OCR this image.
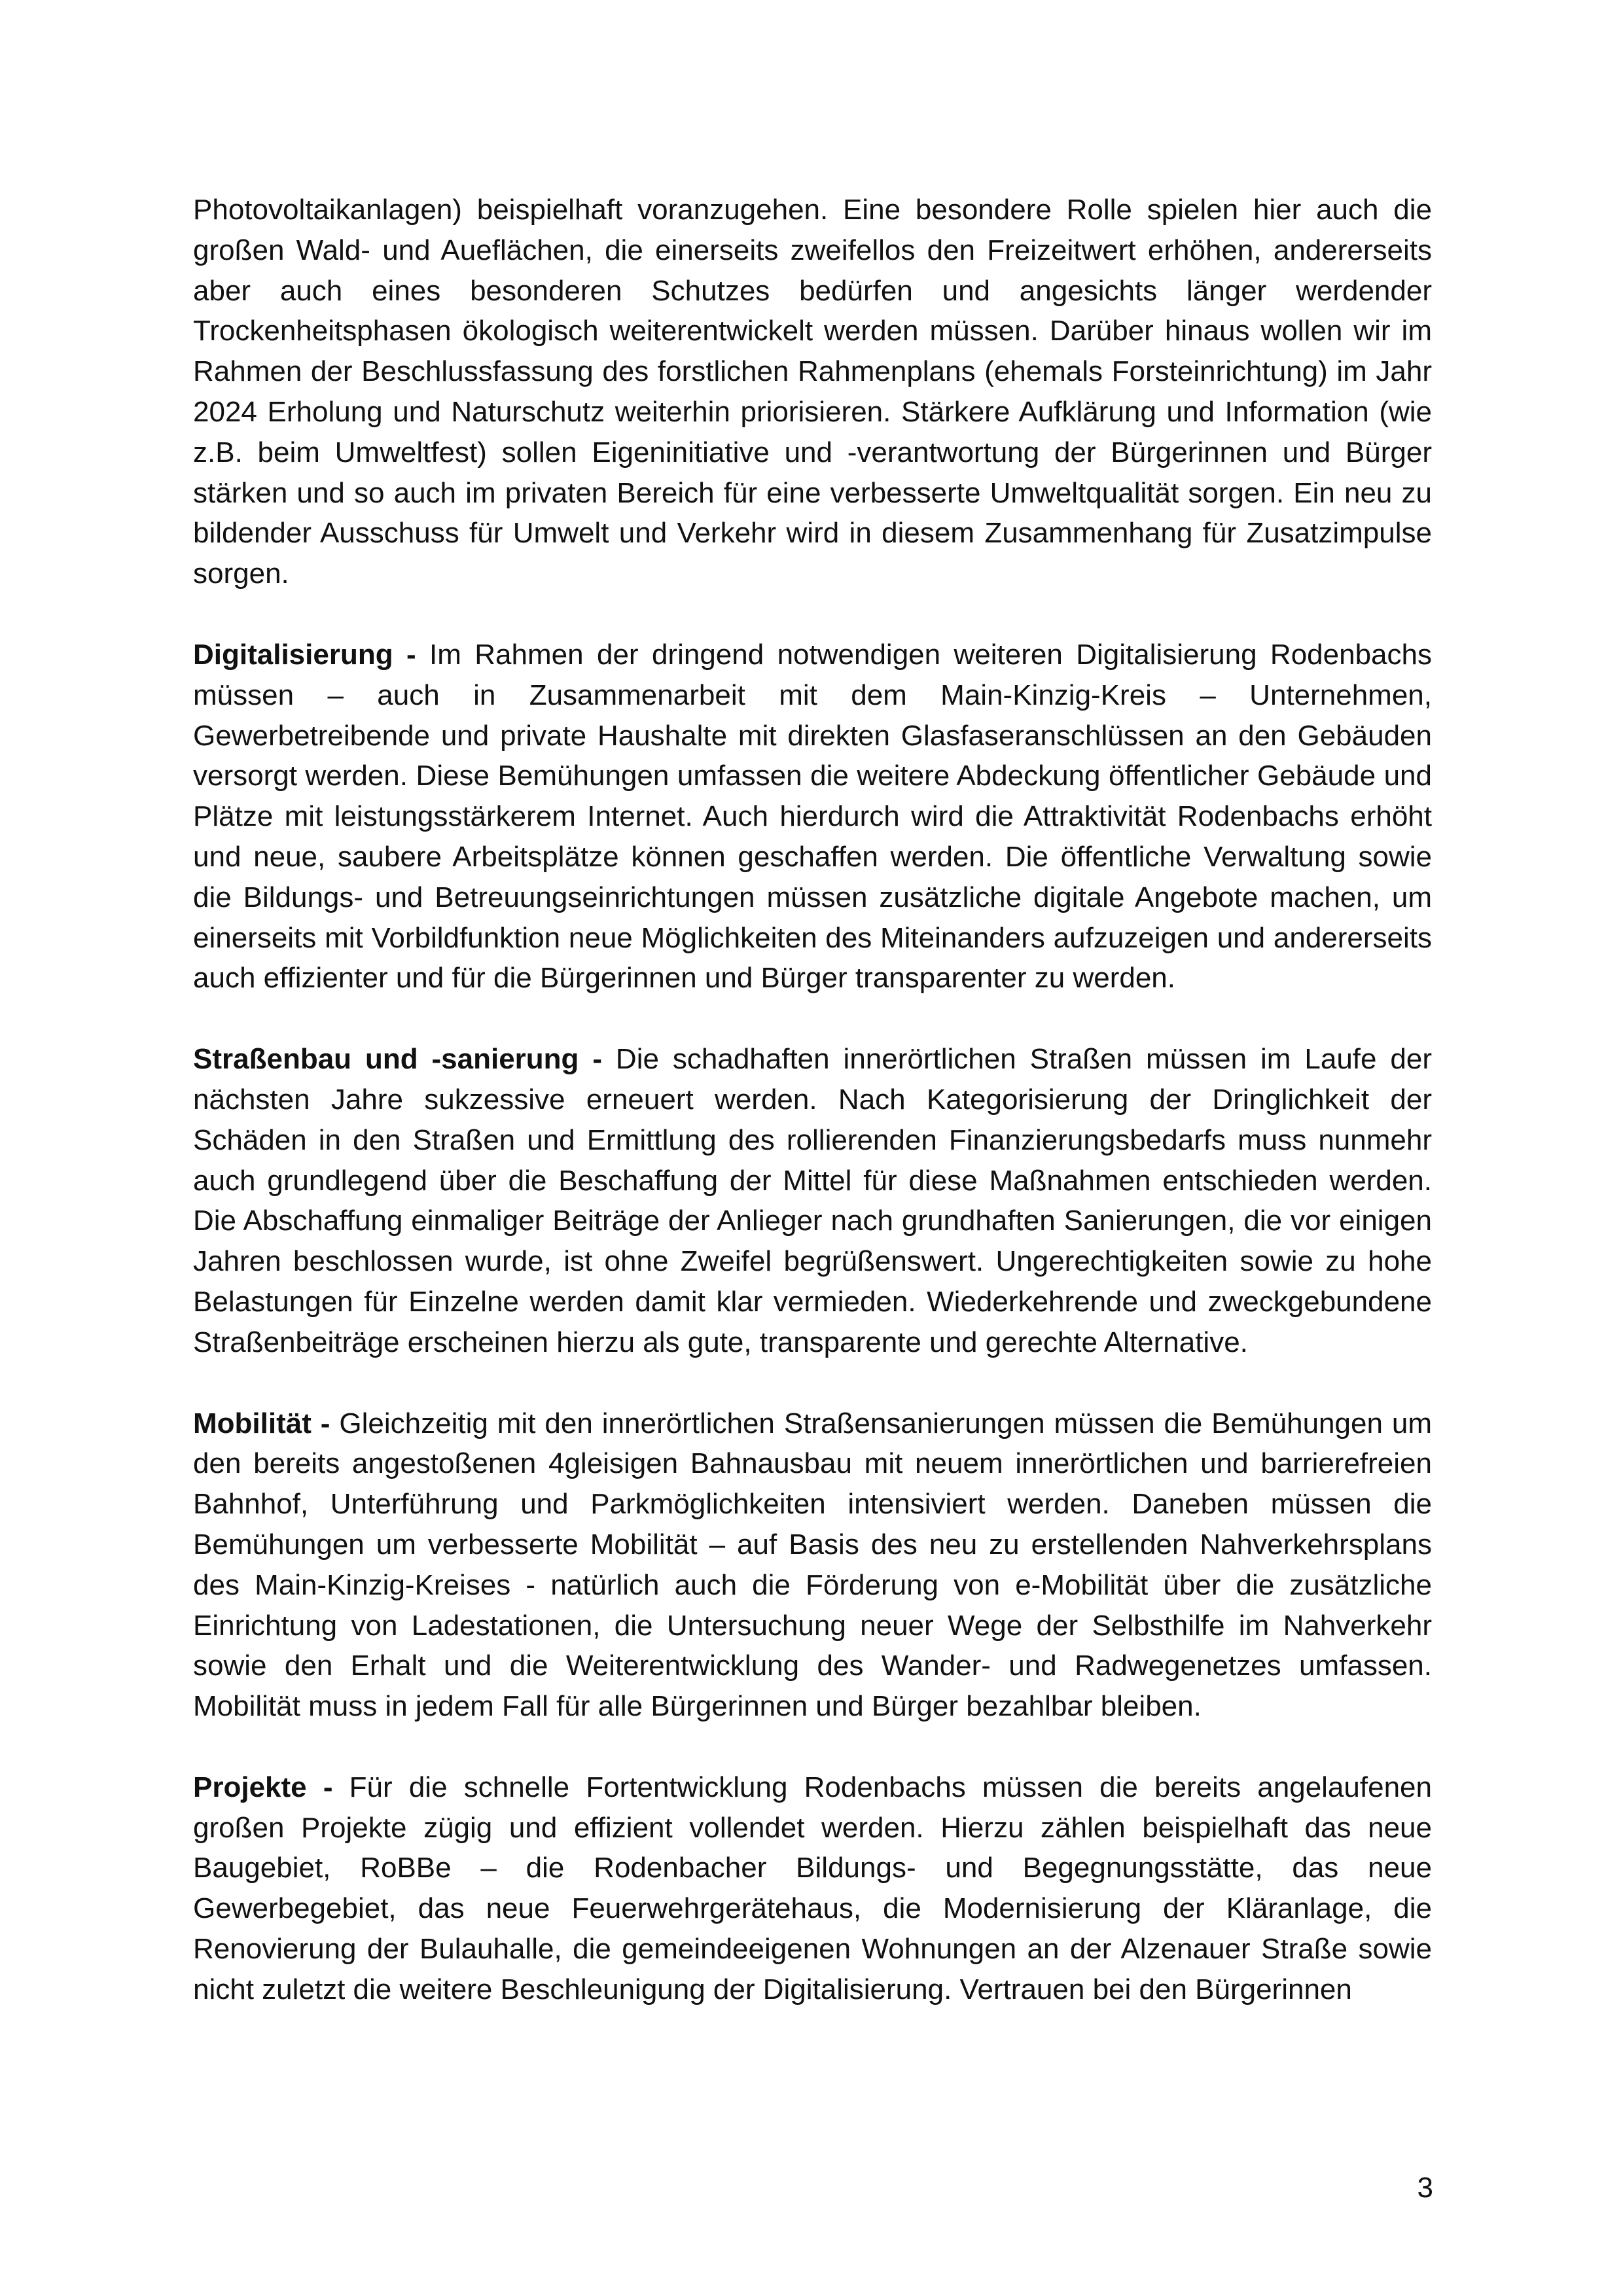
Photovoltaikanlagen) beispielhaft voranzugehen. Eine besondere Rolle spielen hier auch die großen Wald- und Aueflächen, die einerseits zweifellos den Freizeitwert erhöhen, andererseits aber auch eines besonderen Schutzes bedürfen und angesichts länger werdender Trockenheitsphasen ökologisch weiterentwickelt werden müssen. Darüber hinaus wollen wir im Rahmen der Beschlussfassung des forstlichen Rahmenplans (ehemals Forsteinrichtung) im Jahr 2024 Erholung und Naturschutz weiterhin priorisieren. Stärkere Aufklärung und Information (wie z.B. beim Umweltfest) sollen Eigeninitiative und -verantwortung der Bürgerinnen und Bürger stärken und so auch im privaten Bereich für eine verbesserte Umweltqualität sorgen. Ein neu zu bildender Ausschuss für Umwelt und Verkehr wird in diesem Zusammenhang für Zusatzimpulse sorgen.

Digitalisierung - Im Rahmen der dringend notwendigen weiteren Digitalisierung Rodenbachs müssen – auch in Zusammenarbeit mit dem Main-Kinzig-Kreis – Unternehmen, Gewerbetreibende und private Haushalte mit direkten Glasfaseranschlüssen an den Gebäuden versorgt werden. Diese Bemühungen umfassen die weitere Abdeckung öffentlicher Gebäude und Plätze mit leistungsstärkerem Internet. Auch hierdurch wird die Attraktivität Rodenbachs erhöht und neue, saubere Arbeitsplätze können geschaffen werden. Die öffentliche Verwaltung sowie die Bildungs- und Betreuungseinrichtungen müssen zusätzliche digitale Angebote machen, um einerseits mit Vorbildfunktion neue Möglichkeiten des Miteinanders aufzuzeigen und andererseits auch effizienter und für die Bürgerinnen und Bürger transparenter zu werden.

Straßenbau und -sanierung - Die schadhaften innerörtlichen Straßen müssen im Laufe der nächsten Jahre sukzessive erneuert werden. Nach Kategorisierung der Dringlichkeit der Schäden in den Straßen und Ermittlung des rollierenden Finanzierungsbedarfs muss nunmehr auch grundlegend über die Beschaffung der Mittel für diese Maßnahmen entschieden werden. Die Abschaffung einmaliger Beiträge der Anlieger nach grundhaften Sanierungen, die vor einigen Jahren beschlossen wurde, ist ohne Zweifel begrüßenswert. Ungerechtigkeiten sowie zu hohe Belastungen für Einzelne werden damit klar vermieden. Wiederkehrende und zweckgebundene Straßenbeiträge erscheinen hierzu als gute, transparente und gerechte Alternative.

Mobilität - Gleichzeitig mit den innerörtlichen Straßensanierungen müssen die Bemühungen um den bereits angestoßenen 4gleisigen Bahnausbau mit neuem innerörtlichen und barrierefreien Bahnhof, Unterführung und Parkmöglichkeiten intensiviert werden. Daneben müssen die Bemühungen um verbesserte Mobilität – auf Basis des neu zu erstellenden Nahverkehrsplans des Main-Kinzig-Kreises - natürlich auch die Förderung von e-Mobilität über die zusätzliche Einrichtung von Ladestationen, die Untersuchung neuer Wege der Selbsthilfe im Nahverkehr sowie den Erhalt und die Weiterentwicklung des Wander- und Radwegenetzes umfassen. Mobilität muss in jedem Fall für alle Bürgerinnen und Bürger bezahlbar bleiben.

Projekte - Für die schnelle Fortentwicklung Rodenbachs müssen die bereits angelaufenen großen Projekte zügig und effizient vollendet werden. Hierzu zählen beispielhaft das neue Baugebiet, RoBBe – die Rodenbacher Bildungs- und Begegnungsstätte, das neue Gewerbegebiet, das neue Feuerwehrgerätehaus, die Modernisierung der Kläranlage, die Renovierung der Bulauhalle, die gemeindeeigenen Wohnungen an der Alzenauer Straße sowie nicht zuletzt die weitere Beschleunigung der Digitalisierung. Vertrauen bei den Bürgerinnen

3
